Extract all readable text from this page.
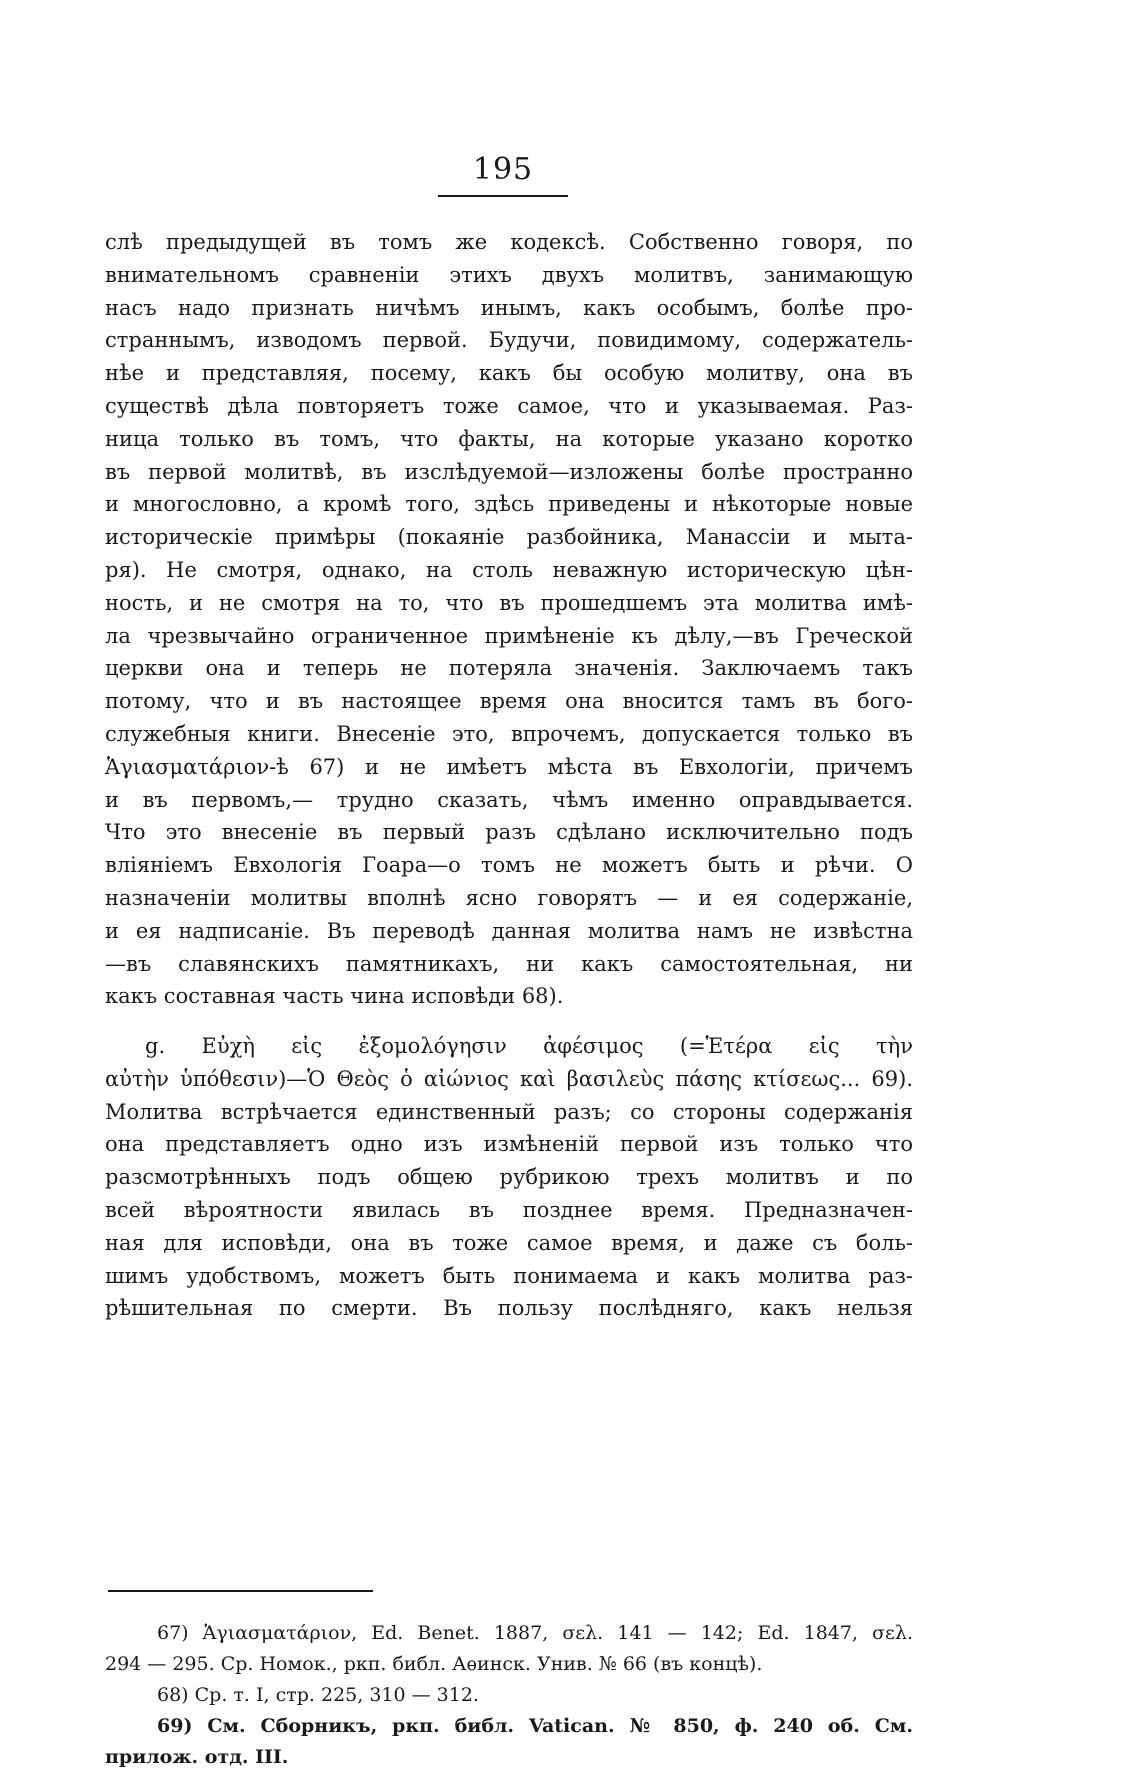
195
слѣ предыдущей въ томъ же кодексѣ. Собственно говоря, по
внимательномъ сравненіи этихъ двухъ молитвъ, занимающую
насъ надо признать ничѣмъ инымъ, какъ особымъ, болѣе про-
страннымъ, изводомъ первой. Будучи, повидимому, содержатель-
нѣе и представляя, посему, какъ бы особую молитву, она въ
существѣ дѣла повторяетъ тоже самое, что и указываемая. Раз-
ница только въ томъ, что факты, на которые указано коротко
въ первой молитвѣ, въ изслѣдуемой—изложены болѣе пространно
и многословно, а кромѣ того, здѣсь приведены и нѣкоторые новые
историческіе примѣры (покаяніе разбойника, Манассіи и мыта-
ря). Не смотря, однако, на столь неважную историческую цѣн-
ность, и не смотря на то, что въ прошедшемъ эта молитва имѣ-
ла чрезвычайно ограниченное примѣненіе къ дѣлу,—въ Греческой
церкви она и теперь не потеряла значенія. Заключаемъ такъ
потому, что и въ настоящее время она вносится тамъ въ бого-
служебныя книги. Внесеніе это, впрочемъ, допускается только въ
Ἁγιασματάριον-ѣ 67) и не имѣетъ мѣста въ Евхологіи, причемъ
и въ первомъ,— трудно сказать, чѣмъ именно оправдывается.
Что это внесеніе въ первый разъ сдѣлано исключительно подъ
вліяніемъ Евхологія Гоара—о томъ не можетъ быть и рѣчи. О
назначеніи молитвы вполнѣ ясно говорятъ — и ея содержаніе,
и ея надписаніе. Въ переводѣ данная молитва намъ не извѣстна
—въ славянскихъ памятникахъ, ни какъ самостоятельная, ни
какъ составная часть чина исповѣди 68).
g. Εὐχὴ εἰς ἐξομολόγησιν ἀφέσιμος (=Ἑτέρα εἰς τὴν
αὐτὴν ὑπόθεσιν)—Ὁ Θεὸς ὁ αἰώνιος καὶ βασιλεὺς πάσης κτίσεως... 69).
Молитва встрѣчается единственный разъ; со стороны содержанія
она представляетъ одно изъ измѣненій первой изъ только что
разсмотрѣнныхъ подъ общею рубрикою трехъ молитвъ и по
всей вѣроятности явилась въ позднее время. Предназначен-
ная для исповѣди, она въ тоже самое время, и даже съ боль-
шимъ удобствомъ, можетъ быть понимаема и какъ молитва раз-
рѣшительная по смерти. Въ пользу послѣдняго, какъ нельзя
67) Ἁγιασματάριον, Ed. Benet. 1887, σελ. 141 — 142; Ed. 1847, σελ.
294 — 295. Ср. Номок., ркп. библ. Аѳинск. Унив. № 66 (въ концѣ).
68) Ср. т. I, стр. 225, 310 — 312.
69) См. Сборникъ, ркп. библ. Vatican. № 850, ф. 240 об. См.
прилож. отд. III.
